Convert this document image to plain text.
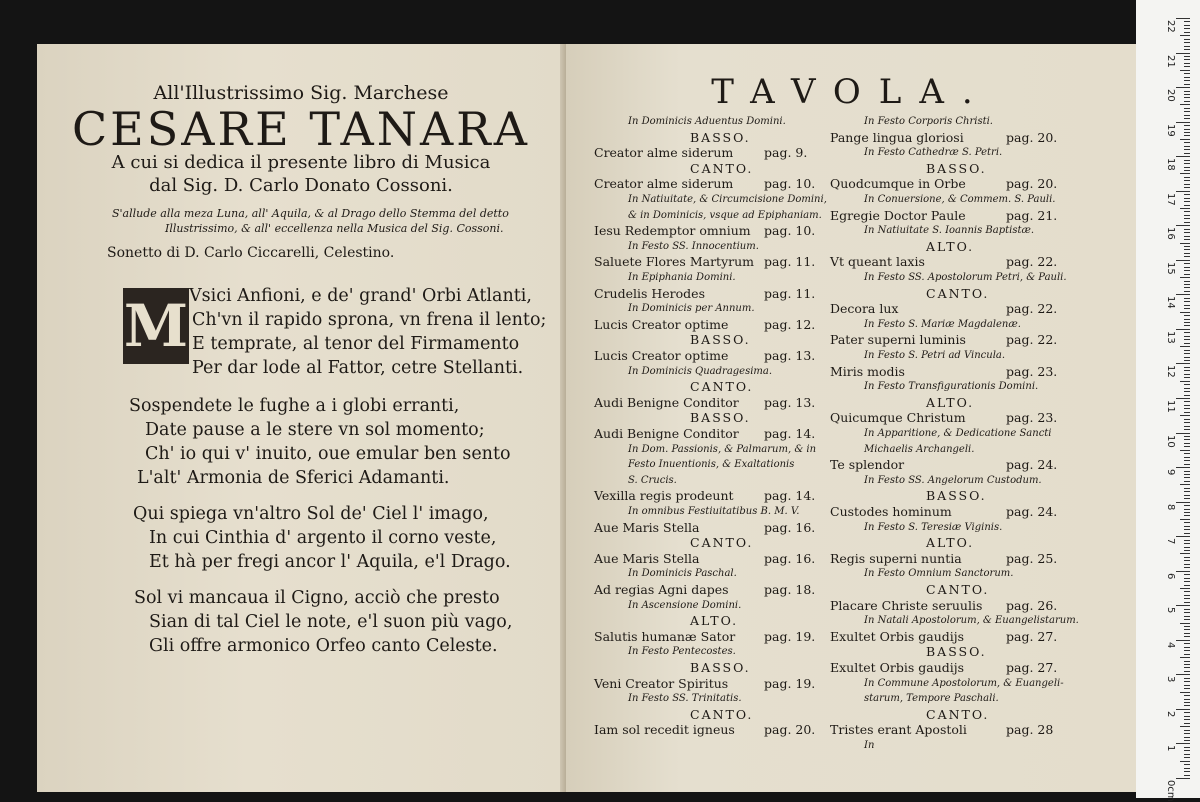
All'Illustrissimo Sig. Marchese
CESARE TANARA
A cui si dedica il presente libro di Musica
dal Sig. D. Carlo Donato Cossoni.
S'allude alla meza Luna, all' Aquila, & al Drago dello Stemma del detto
Illustrissimo, & all' eccellenza nella Musica del Sig. Cossoni.
Sonetto di D. Carlo Ciccarelli, Celestino.
M Vsici Anfioni, e de' grand' Orbi Atlanti,
Ch'vn il rapido sprona, vn frena il lento;
E temprate, al tenor del Firmamento
Per dar lode al Fattor, cetre Stellanti.
Sospendete le fughe a i globi erranti,
Date pause a le stere vn sol momento;
Ch' io qui v' inuito, oue emular ben sento
L'alt' Armonia de Sferici Adamanti.
Qui spiega vn'altro Sol de' Ciel l' imago,
In cui Cinthia d' argento il corno veste,
Et hà per fregi ancor l' Aquila, e'l Drago.
Sol vi mancaua il Cigno, acciò che presto
Sian di tal Ciel le note, e'l suon più vago,
Gli offre armonico Orfeo canto Celeste.
TAVOLA.
In Dominicis Aduentus Domini.
BASSO.
Creator alme siderum pag. 9.
CANTO.
Creator alme siderum pag. 10.
In Natiuitate, & Circumcisione Domini,
& in Dominicis, vsque ad Epiphaniam.
Iesu Redemptor omnium pag. 10.
In Festo SS. Innocentium.
Saluete Flores Martyrum pag. 11.
In Epiphania Domini.
Crudelis Herodes	pag. 11.
In Dominicis per Annum.
Lucis Creator optime	pag. 12.
BASSO.
Lucis Creator optime	pag. 13.
In Dominicis Quadragesima.
CANTO.
Audi Benigne Conditor pag. 13.
BASSO.
Audi Benigne Conditor pag. 14.
In Dom. Passionis, & Palmarum, & in
Festo Inuentionis, & Exaltationis
S. Crucis.
Vexilla regis prodeunt pag. 14.
In omnibus Festiuitatibus B. M. V.
Aue Maris Stella	pag. 16.
CANTO.
Aue Maris Stella	pag. 16.
In Dominicis Paschal.
Ad regias Agni dapes	pag. 18.
In Ascensione Domini.
ALTO.
Salutis humanæ Sator pag. 19.
In Festo Pentecostes.
BASSO.
Veni Creator Spiritus	pag. 19.
In Festo SS. Trinitatis.
CANTO.
Iam sol recedit igneus pag. 20.
In Festo Corporis Christi.
Pange lingua gloriosi	pag. 20.
In Festo Cathedræ S. Petri.
BASSO.
Quodcumque in Orbe	pag. 20.
In Conuersione, & Commem. S. Pauli.
Egregie Doctor Paule	pag. 21.
In Natiuitate S. Ioannis Baptistæ.
ALTO.
Vt queant laxis	pag. 22.
In Festo SS. Apostolorum Petri, & Pauli.
CANTO.
Decora lux	pag. 22.
In Festo S. Mariæ Magdalenæ.
Pater superni luminis	pag. 22.
In Festo S. Petri ad Vincula.
Miris modis	pag. 23.
In Festo Transfigurationis Domini.
ALTO.
Quicumque Christum	pag. 23.
In Apparitione, & Dedicatione Sancti
Michaelis Archangeli.
Te splendor	pag. 24.
In Festo SS. Angelorum Custodum.
BASSO.
Custodes hominum	pag. 24.
In Festo S. Teresiæ Viginis.
ALTO.
Regis superni nuntia	pag. 25.
In Festo Omnium Sanctorum.
CANTO.
Placare Christe seruulis pag. 26.
In Natali Apostolorum, & Euangelistarum.
Exultet Orbis gaudijs	pag. 27.
BASSO.
Exultet Orbis gaudijs	pag. 27.
In Commune Apostolorum, & Euangeli-
starum, Tempore Paschali.
CANTO.
Tristes erant Apostoli	pag. 28
In
22
21
20
19
18
17
16
15
14
13
12
11
10
9
8
7
6
5
4
3
2
1
0cm
